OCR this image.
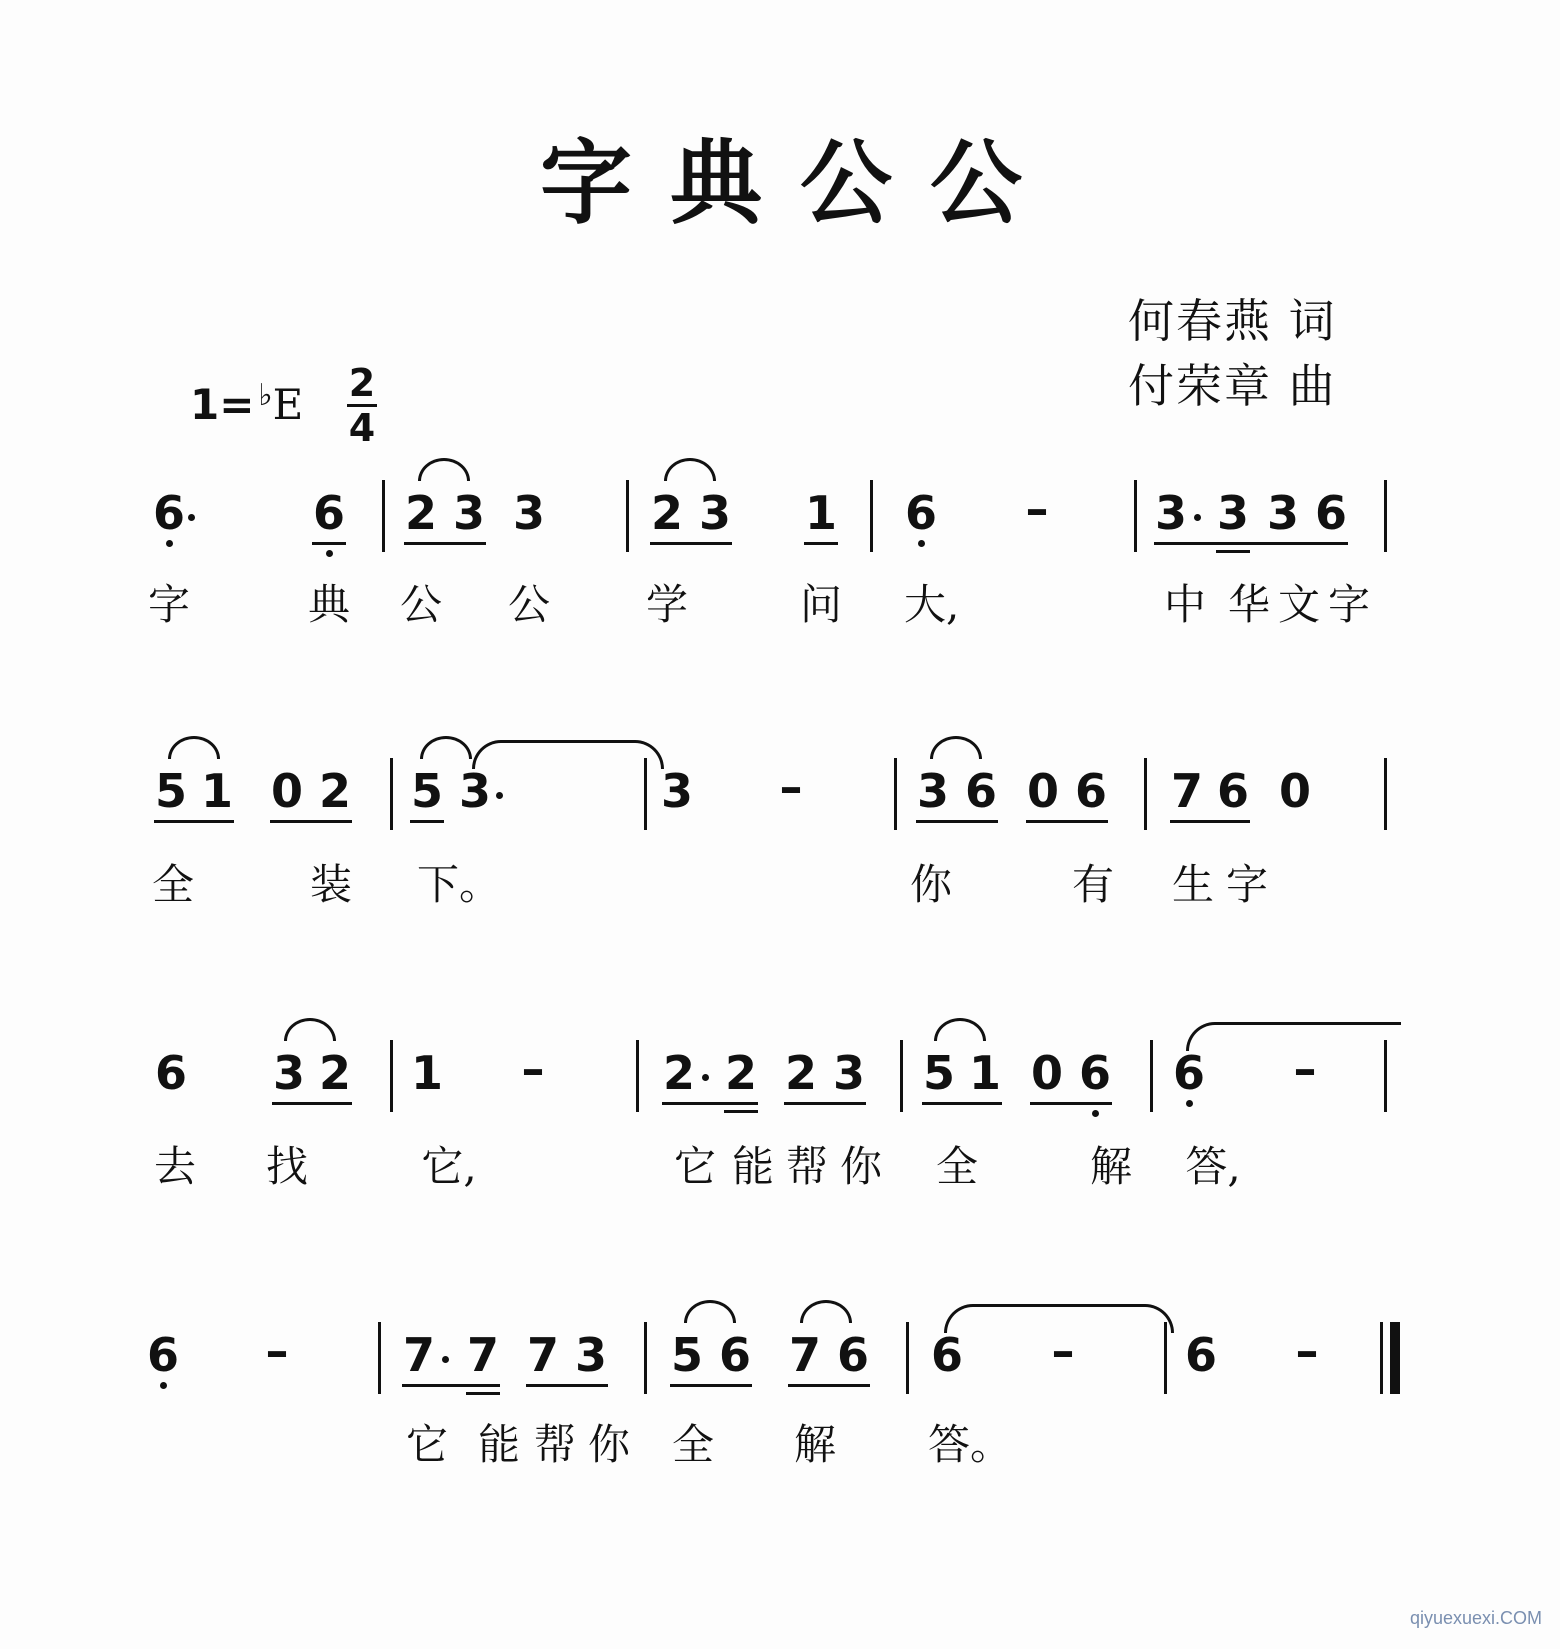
字典公公
何春燕 词
付荣章 曲
1= ♭E 2
4
6	6 2 3 3 2 3 1 6 – 3 3 3 6
字	典 公 公 学	问 大,	中 华 文 字
5 1 0 2 5 3	3 – 3 6 0 6 7 6 0
全	装 下。	你	有 生 字
6 3 2 1 –	2 2 2 3 5 1 0 6 6 –
去 找	它,	它 能 帮 你 全	解 答,
6 – 7 7 7 3 5 6 7 6 6 – 6 –
它 能 帮 你 全 解 答。
qiyuexuexi.COM
